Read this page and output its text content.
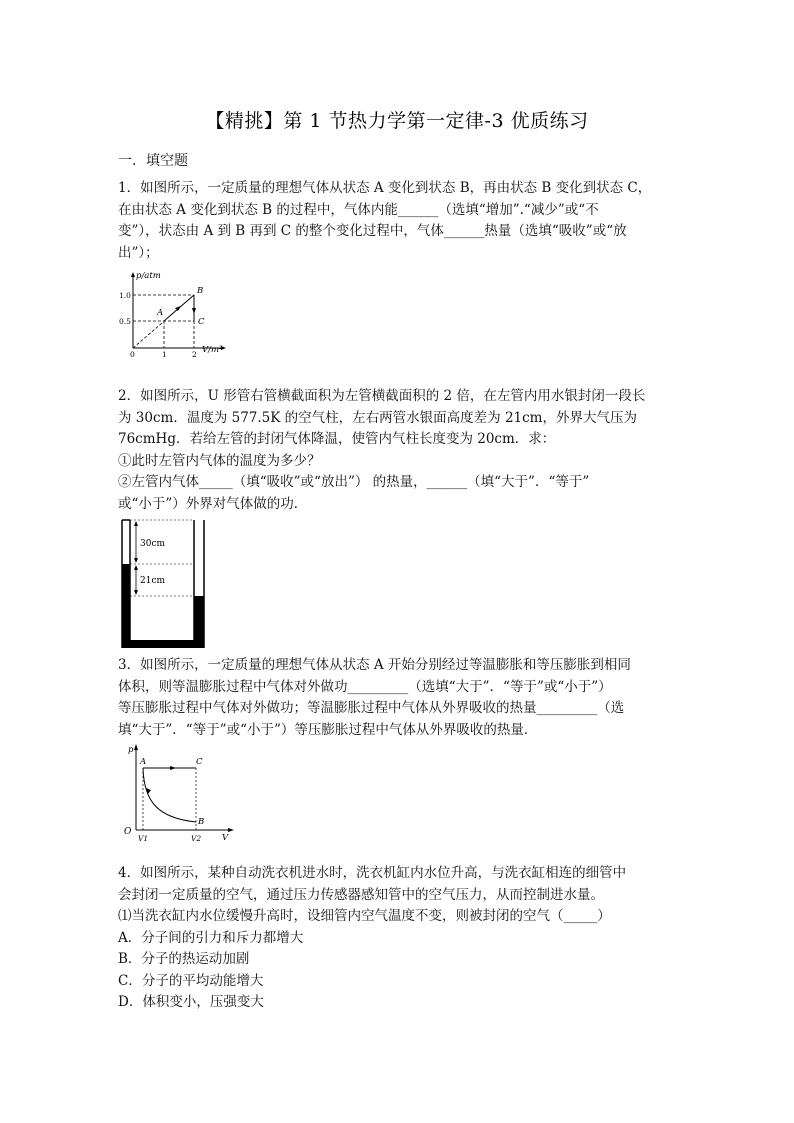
【精挑】第 1 节热力学第一定律-3 优质练习
一．填空题

1．如图所示，一定质量的理想气体从状态 A 变化到状态 B，再由状态 B 变化到状态 C，

在由状态 A 变化到状态 B 的过程中，气体内能______（选填“增加”.“减少”或“不

变”），状态由 A 到 B 再到 C 的整个变化过程中，气体______热量（选填“吸收”或“放

出”）；

p/atm
V/m³
1.0
0.5
1	2
0
A
B
C

2．如图所示，U 形管右管横截面积为左管横截面积的 2 倍，在左管内用水银封闭一段长

为 30cm．温度为 577.5K 的空气柱，左右两管水银面高度差为 21cm，外界大气压为

76cmHg．若给左管的封闭气体降温，使管内气柱长度变为 20cm．求：

①此时左管内气体的温度为多少？

②左管内气体_____（填“吸收”或“放出”） 的热量，______（填“大于”．“等于”

或“小于”）外界对气体做的功．

30cm
21cm

3．如图所示，一定质量的理想气体从状态 A 开始分别经过等温膨胀和等压膨胀到相同

体积，则等温膨胀过程中气体对外做功_________（选填“大于”．“等于”或“小于”）

等压膨胀过程中气体对外做功；等温膨胀过程中气体从外界吸收的热量_________（选

填“大于”．“等于”或“小于”）等压膨胀过程中气体从外界吸收的热量．

p
V
O
A	C
B
V1	V2

4．如图所示，某种自动洗衣机进水时，洗衣机缸内水位升高，与洗衣缸相连的细管中

会封闭一定质量的空气，通过压力传感器感知管中的空气压力，从而控制进水量。

⑴当洗衣缸内水位缓慢升高时，设细管内空气温度不变，则被封闭的空气（_____）

A．分子间的引力和斥力都增大

B．分子的热运动加剧

C．分子的平均动能增大

D．体积变小，压强变大
